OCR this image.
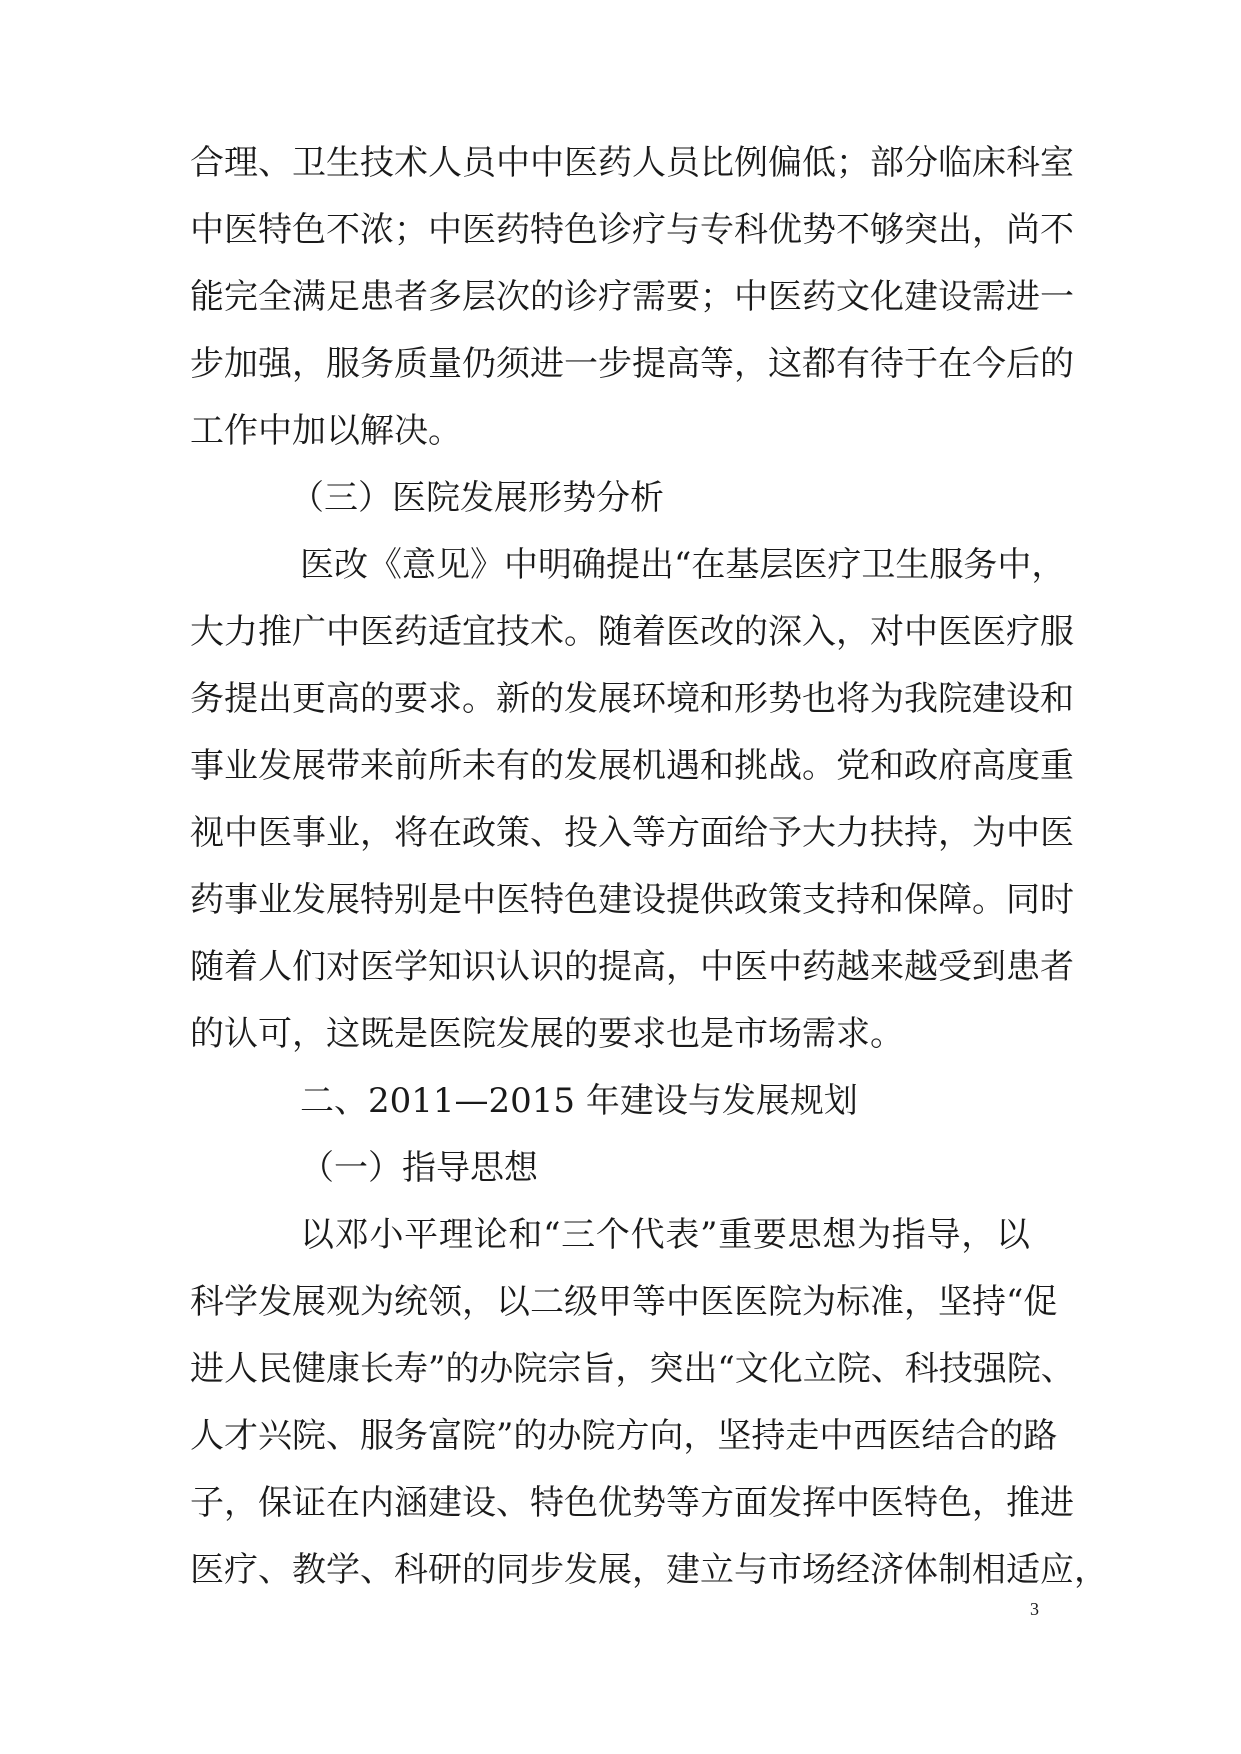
合理、卫生技术人员中中医药人员比例偏低；部分临床科室
中医特色不浓；中医药特色诊疗与专科优势不够突出，尚不
能完全满足患者多层次的诊疗需要；中医药文化建设需进一
步加强，服务质量仍须进一步提高等，这都有待于在今后的
工作中加以解决。
（三）医院发展形势分析
医改《意见》中明确提出“在基层医疗卫生服务中，
大力推广中医药适宜技术。随着医改的深入，对中医医疗服
务提出更高的要求。新的发展环境和形势也将为我院建设和
事业发展带来前所未有的发展机遇和挑战。党和政府高度重
视中医事业，将在政策、投入等方面给予大力扶持，为中医
药事业发展特别是中医特色建设提供政策支持和保障。同时
随着人们对医学知识认识的提高，中医中药越来越受到患者
的认可，这既是医院发展的要求也是市场需求。
二、2011—2015 年建设与发展规划
（一）指导思想
以邓小平理论和“三个代表”重要思想为指导，以
科学发展观为统领，以二级甲等中医医院为标准，坚持“促
进人民健康长寿”的办院宗旨，突出“文化立院、科技强院、
人才兴院、服务富院”的办院方向，坚持走中西医结合的路
子，保证在内涵建设、特色优势等方面发挥中医特色，推进
医疗、教学、科研的同步发展，建立与市场经济体制相适应，
3
